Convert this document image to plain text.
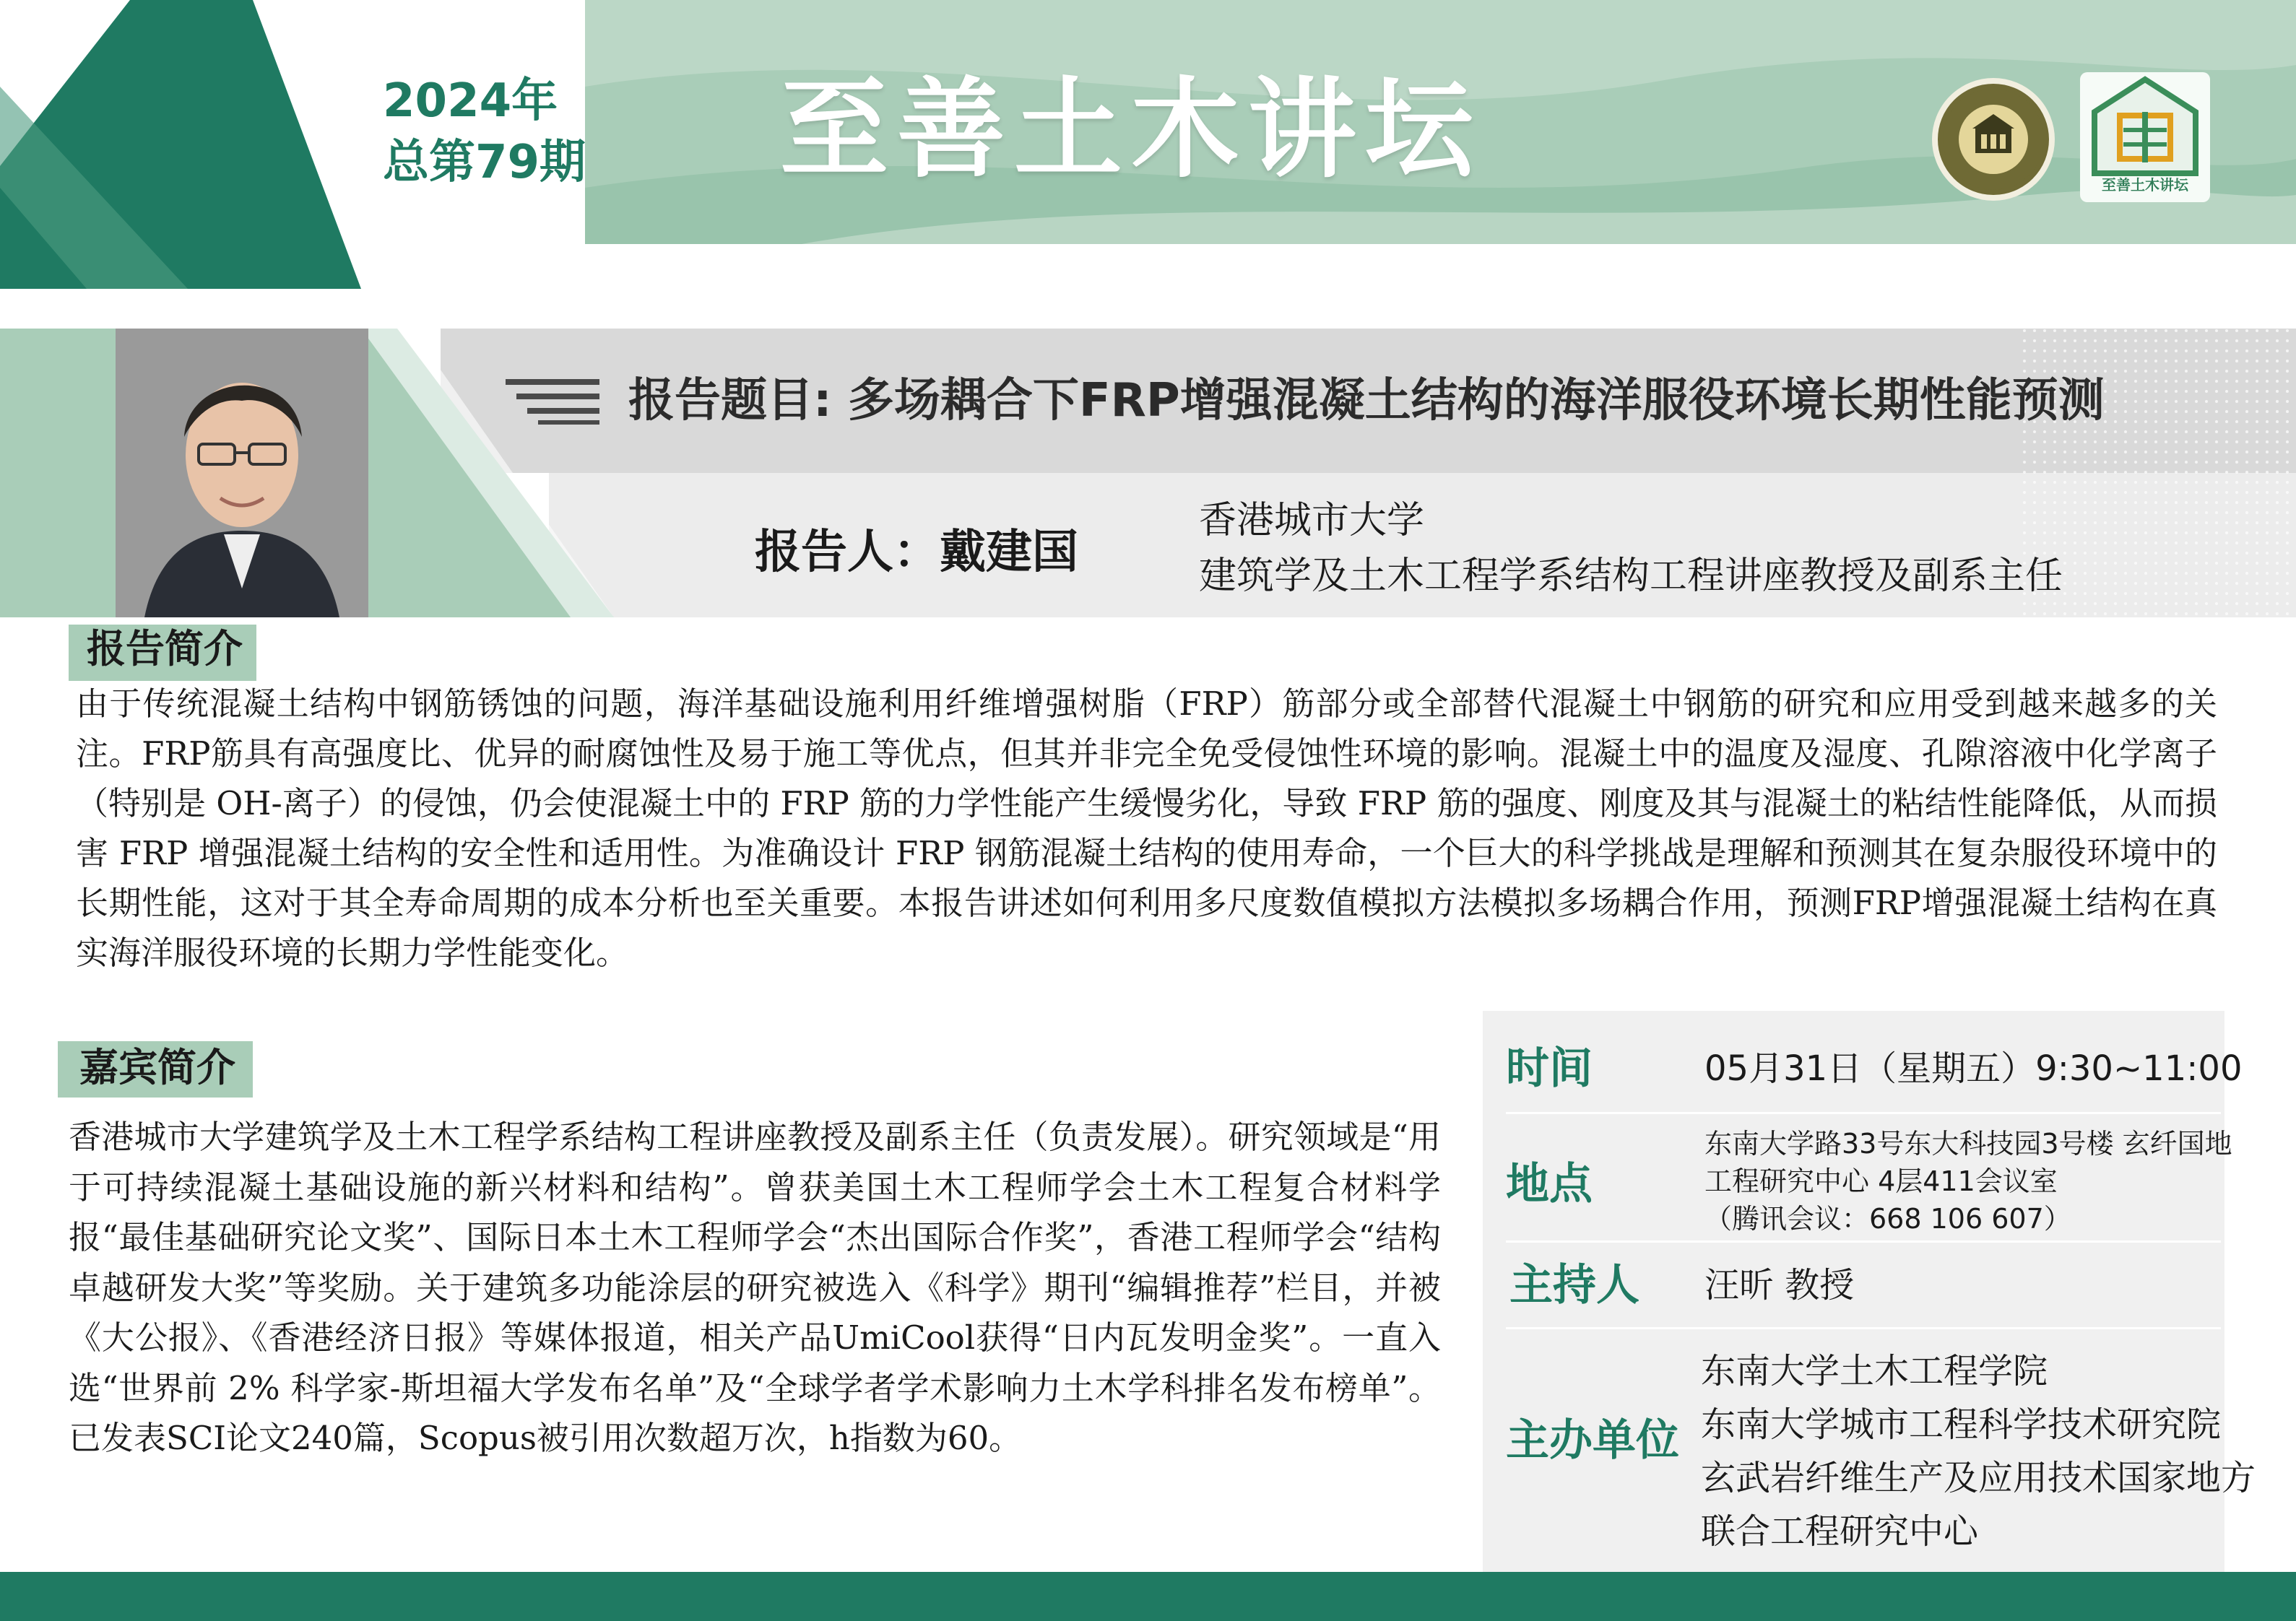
2024年
总第79期 至善土木讲坛	至善土木讲坛
报告题目: 多场耦合下FRP增强混凝土结构的海洋服役环境长期性能预测
报告人：戴建国
香港城市大学
建筑学及土木工程学系结构工程讲座教授及副系主任
报告简介
由于传统混凝土结构中钢筋锈蚀的问题，海洋基础设施利用纤维增强树脂（FRP）筋部分或全部替代混凝土中钢筋的研究和应用受到越来越多的关注。FRP筋具有高强度比、优异的耐腐蚀性及易于施工等优点，但其并非完全免受侵蚀性环境的影响。混凝土中的温度及湿度、孔隙溶液中化学离子（特别是 OH-离子）的侵蚀，仍会使混凝土中的 FRP 筋的力学性能产生缓慢劣化，导致 FRP 筋的强度、刚度及其与混凝土的粘结性能降低，从而损害 FRP 增强混凝土结构的安全性和适用性。为准确设计 FRP 钢筋混凝土结构的使用寿命，一个巨大的科学挑战是理解和预测其在复杂服役环境中的长期性能，这对于其全寿命周期的成本分析也至关重要。本报告讲述如何利用多尺度数值模拟方法模拟多场耦合作用，预测FRP增强混凝土结构在真实海洋服役环境的长期力学性能变化。
嘉宾简介
香港城市大学建筑学及土木工程学系结构工程讲座教授及副系主任（负责发展）。研究领域是“用于可持续混凝土基础设施的新兴材料和结构”。曾获美国土木工程师学会土木工程复合材料学报“最佳基础研究论文奖”、国际日本土木工程师学会“杰出国际合作奖”，香港工程师学会“结构卓越研发大奖”等奖励。关于建筑多功能涂层的研究被选入《科学》期刊“编辑推荐”栏目，并被《大公报》、《香港经济日报》等媒体报道，相关产品UmiCool获得“日内瓦发明金奖”。一直入选“世界前 2% 科学家-斯坦福大学发布名单”及“全球学者学术影响力土木学科排名发布榜单”。已发表SCI论文240篇，Scopus被引用次数超万次，h指数为60。
时间	05月31日（星期五）9:30~11:00
地点
东南大学路33号东大科技园3号楼 玄纤国地
工程研究中心 4层411会议室
（腾讯会议：668 106 607）
主持人 汪昕 教授
主办单位
东南大学土木工程学院
东南大学城市工程科学技术研究院
玄武岩纤维生产及应用技术国家地方
联合工程研究中心
